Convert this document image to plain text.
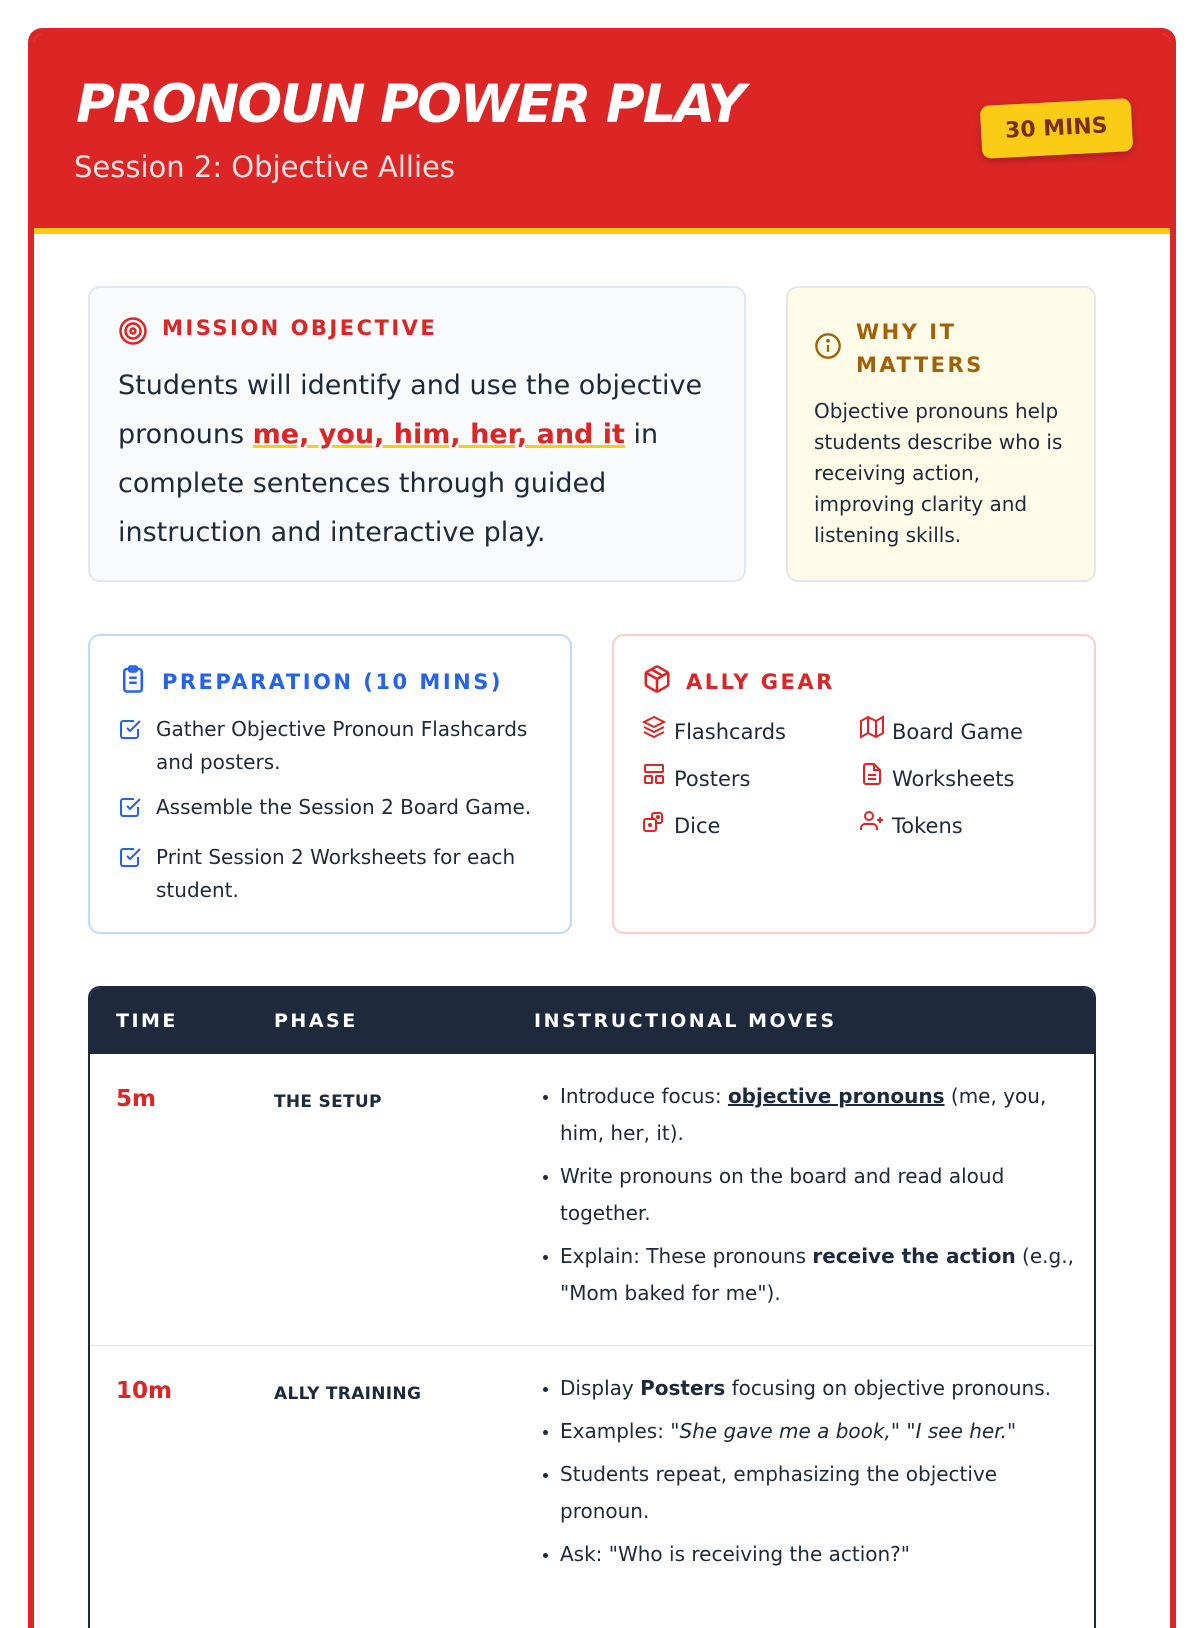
PRONOUN POWER PLAY
Session 2: Objective Allies
30 MINS
MISSION OBJECTIVE
Students will identify and use the objective pronouns me, you, him, her, and it in complete sentences through guided instruction and interactive play.
WHY IT MATTERS
Objective pronouns help students describe who is receiving action, improving clarity and listening skills.
PREPARATION (10 MINS)
Gather Objective Pronoun Flashcards and posters.
Assemble the Session 2 Board Game.
Print Session 2 Worksheets for each student.
ALLY GEAR
Flashcards	Board Game
Posters	Worksheets
Dice	Tokens
TIME	PHASE	INSTRUCTIONAL MOVES
5m	THE SETUP	• Introduce focus: objective pronouns (me, you, him, her, it).
• Write pronouns on the board and read aloud together.
• Explain: These pronouns receive the action (e.g., "Mom baked for me").
10m	ALLY TRAINING	• Display Posters focusing on objective pronouns.
• Examples: "She gave me a book," "I see her."
• Students repeat, emphasizing the objective pronoun.
• Ask: "Who is receiving the action?"
